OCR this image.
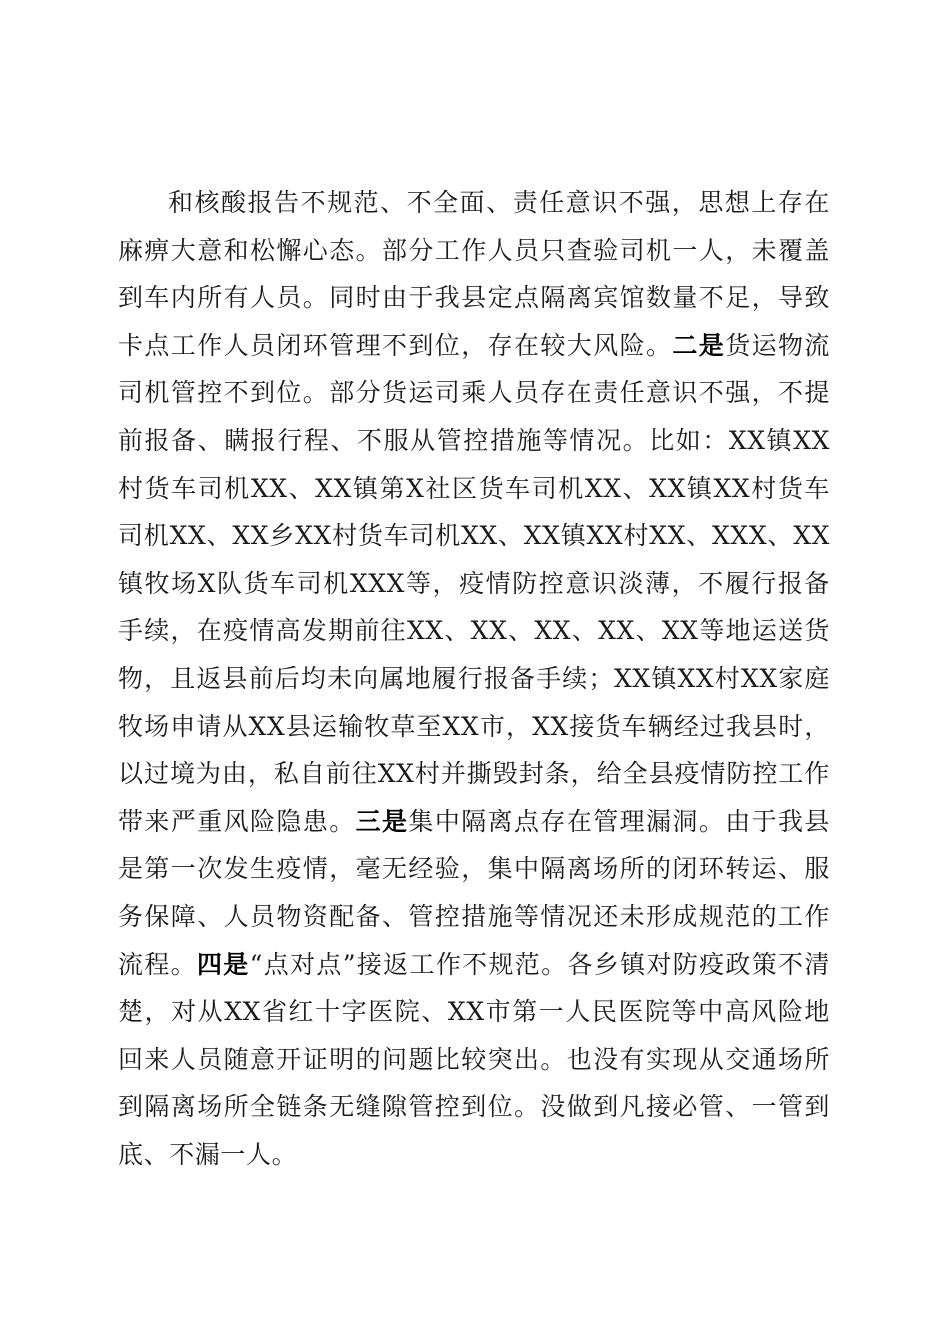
和核酸报告不规范、不全面、责任意识不强，思想上存在麻痹大意和松懈心态。部分工作人员只查验司机一人，未覆盖到车内所有人员。同时由于我县定点隔离宾馆数量不足，导致卡点工作人员闭环管理不到位，存在较大风险。二是货运物流司机管控不到位。部分货运司乘人员存在责任意识不强，不提前报备、瞒报行程、不服从管控措施等情况。比如：XX镇XX村货车司机XX、XX镇第X社区货车司机XX、XX镇XX村货车司机XX、XX乡XX村货车司机XX、XX镇XX村XX、XXX、XX镇牧场X队货车司机XXX等，疫情防控意识淡薄，不履行报备手续，在疫情高发期前往XX、XX、XX、XX、XX等地运送货物，且返县前后均未向属地履行报备手续；XX镇XX村XX家庭牧场申请从XX县运输牧草至XX市，XX接货车辆经过我县时，以过境为由，私自前往XX村并撕毁封条，给全县疫情防控工作带来严重风险隐患。三是集中隔离点存在管理漏洞。由于我县是第一次发生疫情，毫无经验，集中隔离场所的闭环转运、服务保障、人员物资配备、管控措施等情况还未形成规范的工作流程。四是“点对点”接返工作不规范。各乡镇对防疫政策不清楚，对从XX省红十字医院、XX市第一人民医院等中高风险地回来人员随意开证明的问题比较突出。也没有实现从交通场所到隔离场所全链条无缝隙管控到位。没做到凡接必管、一管到底、不漏一人。
